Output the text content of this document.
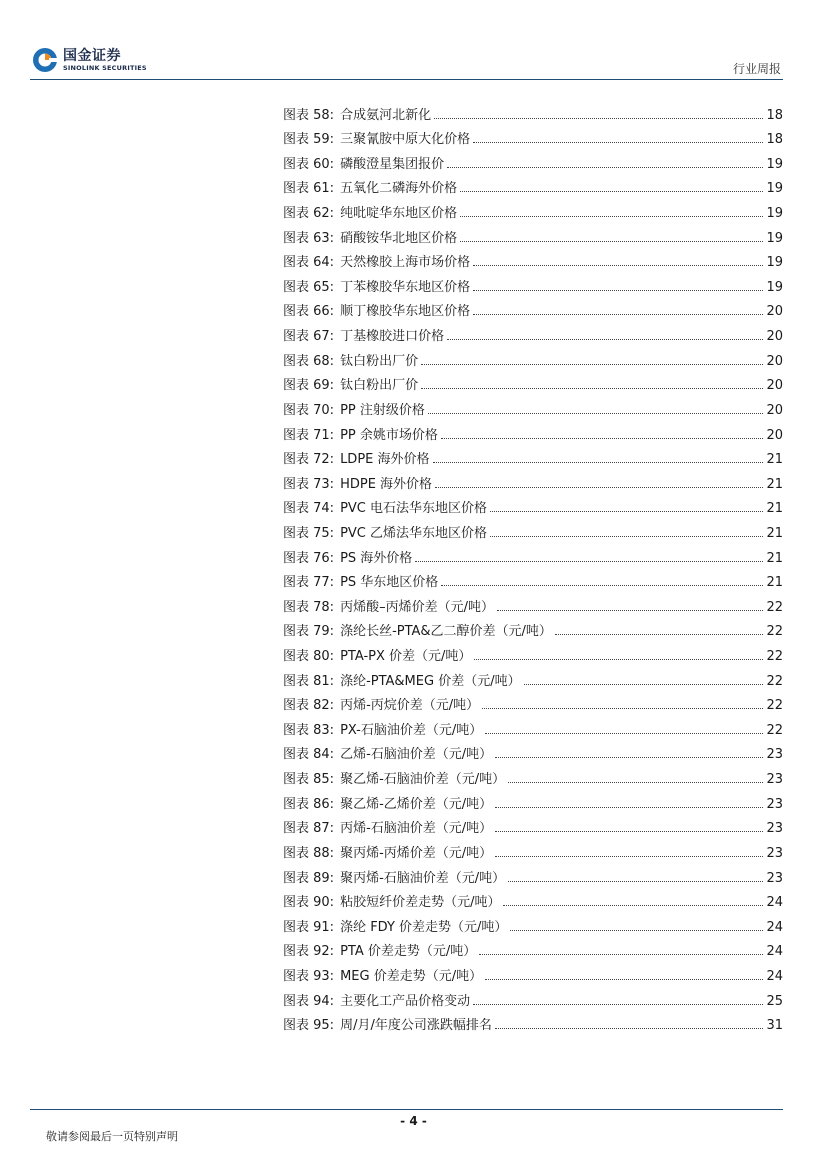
国金证券
SINOLINK SECURITIES	行业周报
图表 58: 合成氨河北新化	18
图表 59: 三聚氰胺中原大化价格	18
图表 60: 磷酸澄星集团报价	19
图表 61: 五氧化二磷海外价格	19
图表 62: 纯吡啶华东地区价格	19
图表 63: 硝酸铵华北地区价格	19
图表 64: 天然橡胶上海市场价格	19
图表 65: 丁苯橡胶华东地区价格	19
图表 66: 顺丁橡胶华东地区价格	20
图表 67: 丁基橡胶进口价格	20
图表 68: 钛白粉出厂价	20
图表 69: 钛白粉出厂价	20
图表 70: PP 注射级价格	20
图表 71: PP 余姚市场价格	20
图表 72: LDPE 海外价格	21
图表 73: HDPE 海外价格	21
图表 74: PVC 电石法华东地区价格	21
图表 75: PVC 乙烯法华东地区价格	21
图表 76: PS 海外价格	21
图表 77: PS 华东地区价格	21
图表 78: 丙烯酸–丙烯价差（元/吨）	22
图表 79: 涤纶长丝-PTA&乙二醇价差（元/吨）	22
图表 80: PTA-PX 价差（元/吨）	22
图表 81: 涤纶-PTA&MEG 价差（元/吨）	22
图表 82: 丙烯-丙烷价差（元/吨）	22
图表 83: PX-石脑油价差（元/吨）	22
图表 84: 乙烯-石脑油价差（元/吨）	23
图表 85: 聚乙烯-石脑油价差（元/吨）	23
图表 86: 聚乙烯-乙烯价差（元/吨）	23
图表 87: 丙烯-石脑油价差（元/吨）	23
图表 88: 聚丙烯-丙烯价差（元/吨）	23
图表 89: 聚丙烯-石脑油价差（元/吨）	23
图表 90: 粘胶短纤价差走势（元/吨）	24
图表 91: 涤纶 FDY 价差走势（元/吨）	24
图表 92: PTA 价差走势（元/吨）	24
图表 93: MEG 价差走势（元/吨）	24
图表 94: 主要化工产品价格变动	25
图表 95: 周/月/年度公司涨跌幅排名	31
- 4 -
敬请参阅最后一页特别声明
